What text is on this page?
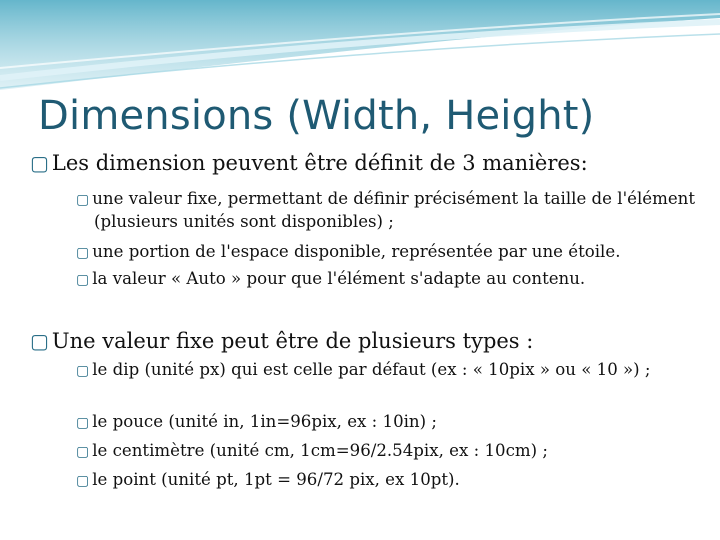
Dimensions (Width, Height)

▢ Les dimension peuvent être définit de 3 manières:

▢ une valeur fixe, permettant de définir précisément la taille de l'élément (plusieurs unités sont disponibles) ;

▢ une portion de l'espace disponible, représentée par une étoile.

▢ la valeur « Auto » pour que l'élément s'adapte au contenu.

▢ Une valeur fixe peut être de plusieurs types :

▢ le dip (unité px) qui est celle par défaut (ex : « 10pix » ou « 10 ») ;

▢ le pouce (unité in, 1in=96pix, ex : 10in) ;

▢ le centimètre (unité cm, 1cm=96/2.54pix, ex : 10cm) ;

▢ le point (unité pt, 1pt = 96/72 pix, ex 10pt).
